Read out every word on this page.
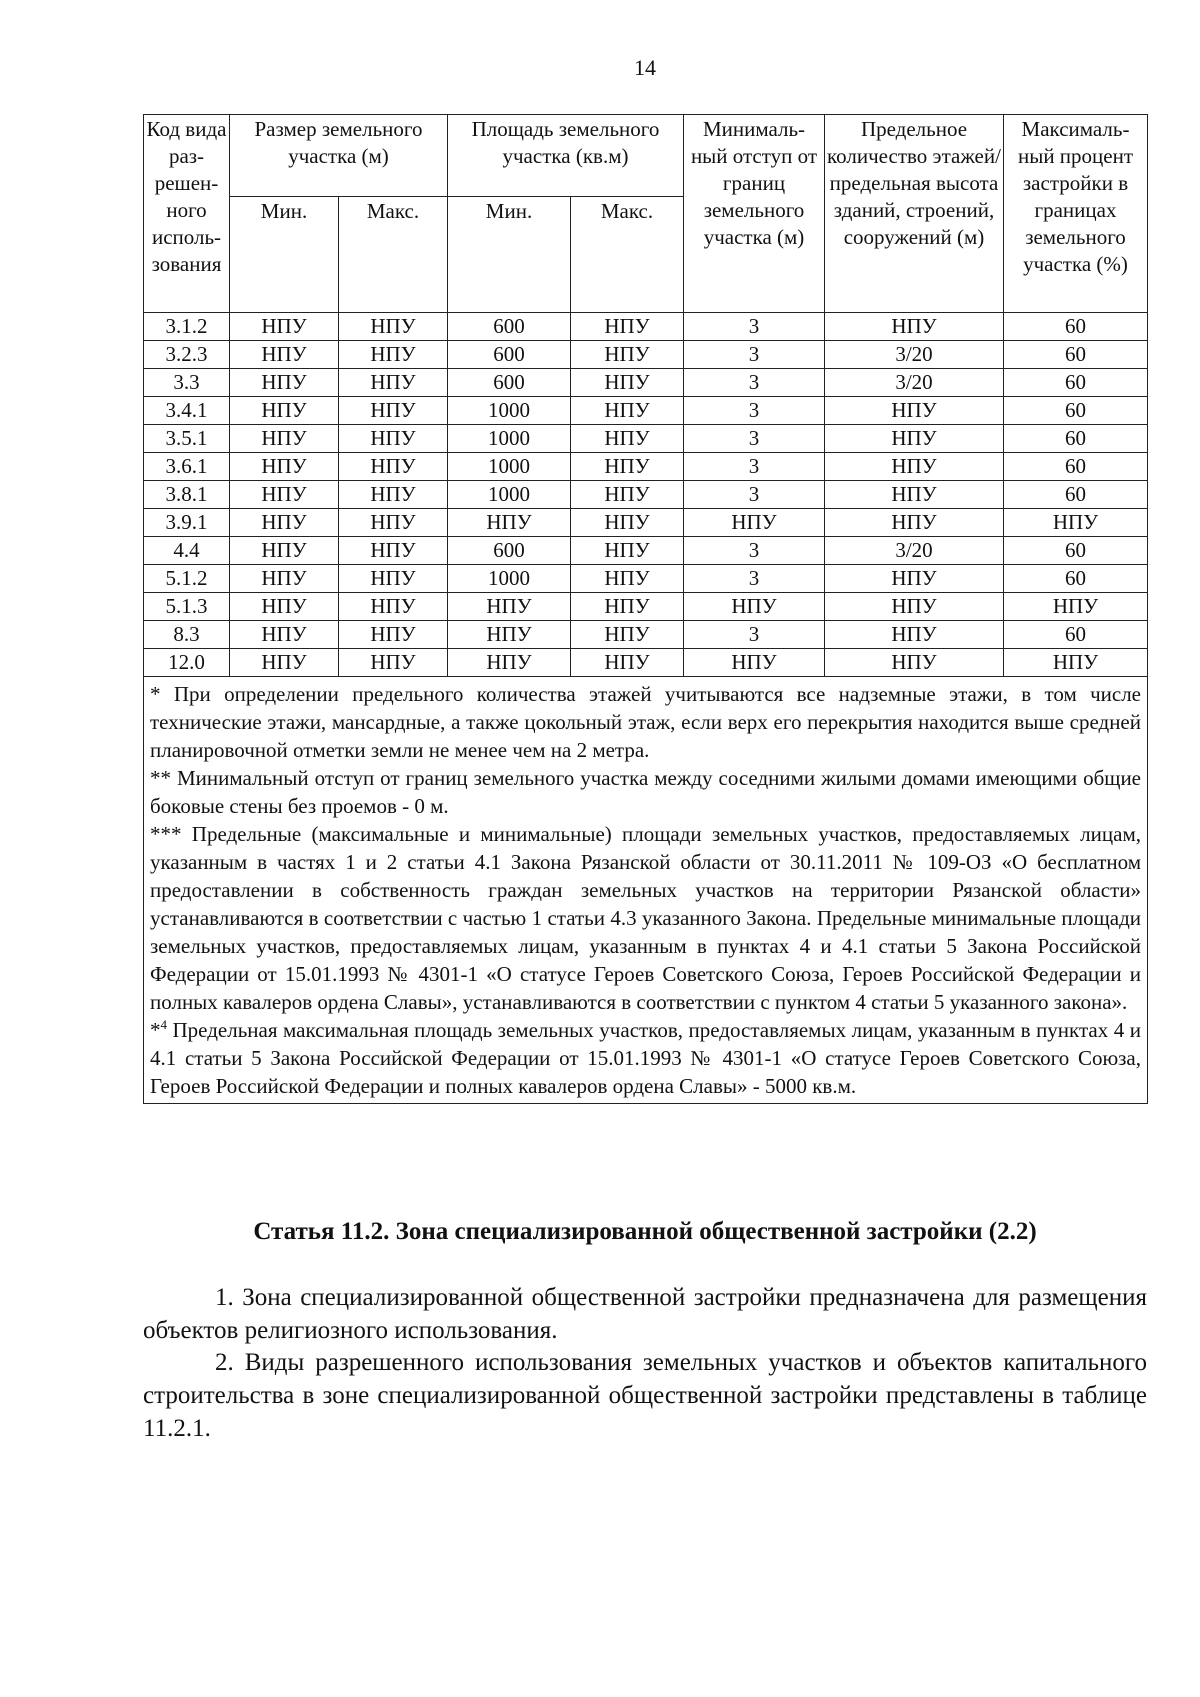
14
Код вида раз-решен-ного исполь-зования	Размер земельного участка (м)		Площадь земельного участка (кв.м)		Минималь-ный отступ от границ земельного участка (м)	Предельное количество этажей/ предельная высота зданий, строений, сооружений (м)	Максималь-ный процент застройки в границах земельного участка (%)
	Мин.	Макс.	Мин.	Макс.			
3.1.2	НПУ	НПУ	600	НПУ	3	НПУ	60
3.2.3	НПУ	НПУ	600	НПУ	3	3/20	60
3.3	НПУ	НПУ	600	НПУ	3	3/20	60
3.4.1	НПУ	НПУ	1000	НПУ	3	НПУ	60
3.5.1	НПУ	НПУ	1000	НПУ	3	НПУ	60
3.6.1	НПУ	НПУ	1000	НПУ	3	НПУ	60
3.8.1	НПУ	НПУ	1000	НПУ	3	НПУ	60
3.9.1	НПУ	НПУ	НПУ	НПУ	НПУ	НПУ	НПУ
4.4	НПУ	НПУ	600	НПУ	3	3/20	60
5.1.2	НПУ	НПУ	1000	НПУ	3	НПУ	60
5.1.3	НПУ	НПУ	НПУ	НПУ	НПУ	НПУ	НПУ
8.3	НПУ	НПУ	НПУ	НПУ	3	НПУ	60
12.0	НПУ	НПУ	НПУ	НПУ	НПУ	НПУ	НПУ

* При определении предельного количества этажей учитываются все надземные этажи, в том числе технические этажи, мансардные, а также цокольный этаж, если верх его перекрытия находится выше средней планировочной отметки земли не менее чем на 2 метра.

** Минимальный отступ от границ земельного участка между соседними жилыми домами имеющими общие боковые стены без проемов - 0 м.

*** Предельные (максимальные и минимальные) площади земельных участков, предоставляемых лицам, указанным в частях 1 и 2 статьи 4.1 Закона Рязанской области от 30.11.2011 № 109-ОЗ «О бесплатном предоставлении в собственность граждан земельных участков на территории Рязанской области» устанавливаются в соответствии с частью 1 статьи 4.3 указанного Закона. Предельные минимальные площади земельных участков, предоставляемых лицам, указанным в пунктах 4 и 4.1 статьи 5 Закона Российской Федерации от 15.01.1993 № 4301-1 «О статусе Героев Советского Союза, Героев Российской Федерации и полных кавалеров ордена Славы», устанавливаются в соответствии с пунктом 4 статьи 5 указанного закона».

*$^4$ Предельная максимальная площадь земельных участков, предоставляемых лицам, указанным в пунктах 4 и 4.1 статьи 5 Закона Российской Федерации от 15.01.1993 № 4301-1 «О статусе Героев Советского Союза, Героев Российской Федерации и полных кавалеров ордена Славы» - 5000 кв.м.							

Статья 11.2. Зона специализированной общественной застройки (2.2)

1. Зона специализированной общественной застройки предназначена для размещения объектов религиозного использования.

2. Виды разрешенного использования земельных участков и объектов капитального строительства в зоне специализированной общественной застройки представлены в таблице 11.2.1.
